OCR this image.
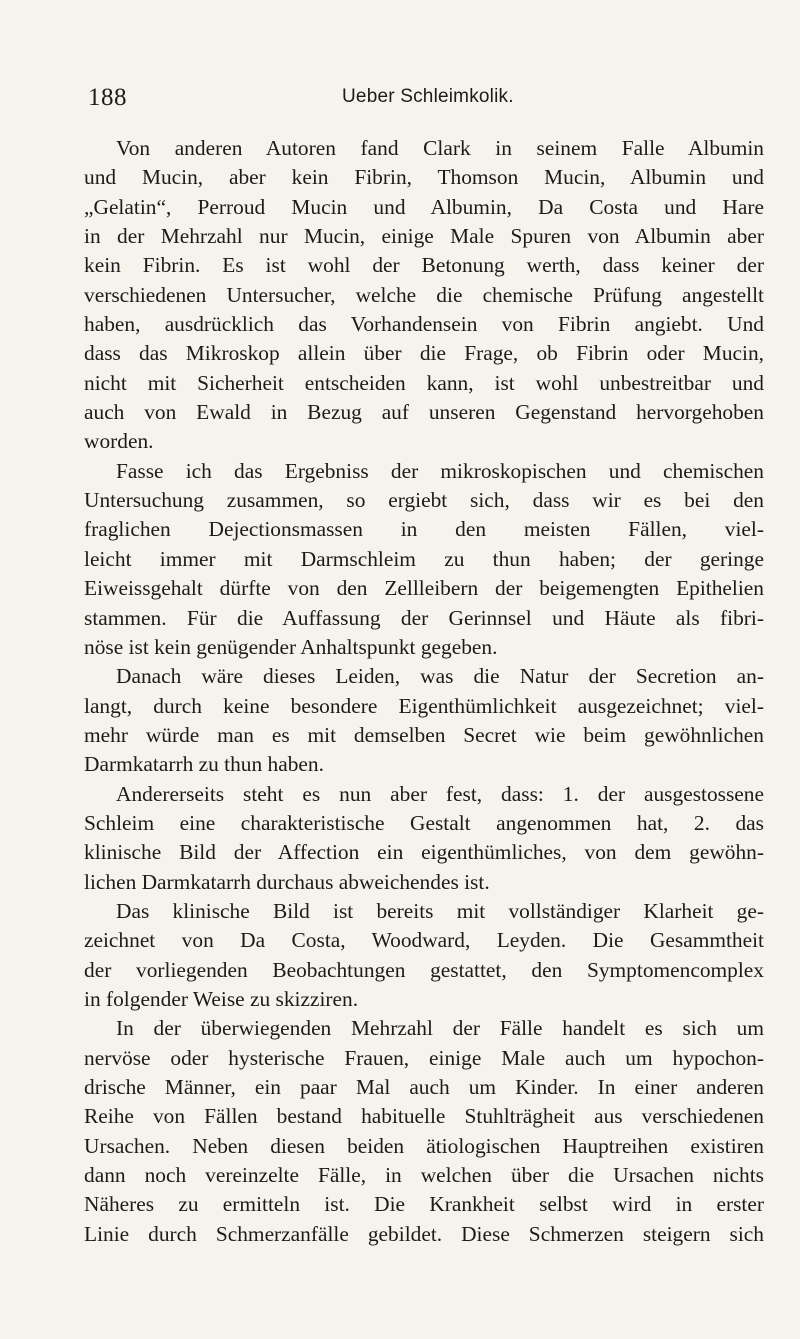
188	Ueber Schleimkolik.
Von anderen Autoren fand Clark in seinem Falle Albumin
und Mucin, aber kein Fibrin, Thomson Mucin, Albumin und
„Gelatin“, Perroud Mucin und Albumin, Da Costa und Hare
in der Mehrzahl nur Mucin, einige Male Spuren von Albumin aber
kein Fibrin. Es ist wohl der Betonung werth, dass keiner der
verschiedenen Untersucher, welche die chemische Prüfung angestellt
haben, ausdrücklich das Vorhandensein von Fibrin angiebt. Und
dass das Mikroskop allein über die Frage, ob Fibrin oder Mucin,
nicht mit Sicherheit entscheiden kann, ist wohl unbestreitbar und
auch von Ewald in Bezug auf unseren Gegenstand hervorgehoben
worden.
Fasse ich das Ergebniss der mikroskopischen und chemischen
Untersuchung zusammen, so ergiebt sich, dass wir es bei den
fraglichen Dejectionsmassen in den meisten Fällen, viel-
leicht immer mit Darmschleim zu thun haben; der geringe
Eiweissgehalt dürfte von den Zellleibern der beigemengten Epithelien
stammen. Für die Auffassung der Gerinnsel und Häute als fibri-
nöse ist kein genügender Anhaltspunkt gegeben.
Danach wäre dieses Leiden, was die Natur der Secretion an-
langt, durch keine besondere Eigenthümlichkeit ausgezeichnet; viel-
mehr würde man es mit demselben Secret wie beim gewöhnlichen
Darmkatarrh zu thun haben.
Andererseits steht es nun aber fest, dass: 1. der ausgestossene
Schleim eine charakteristische Gestalt angenommen hat, 2. das
klinische Bild der Affection ein eigenthümliches, von dem gewöhn-
lichen Darmkatarrh durchaus abweichendes ist.
Das klinische Bild ist bereits mit vollständiger Klarheit ge-
zeichnet von Da Costa, Woodward, Leyden. Die Gesammtheit
der vorliegenden Beobachtungen gestattet, den Symptomencomplex
in folgender Weise zu skizziren.
In der überwiegenden Mehrzahl der Fälle handelt es sich um
nervöse oder hysterische Frauen, einige Male auch um hypochon-
drische Männer, ein paar Mal auch um Kinder. In einer anderen
Reihe von Fällen bestand habituelle Stuhlträgheit aus verschiedenen
Ursachen. Neben diesen beiden ätiologischen Hauptreihen existiren
dann noch vereinzelte Fälle, in welchen über die Ursachen nichts
Näheres zu ermitteln ist. Die Krankheit selbst wird in erster
Linie durch Schmerzanfälle gebildet. Diese Schmerzen steigern sich
